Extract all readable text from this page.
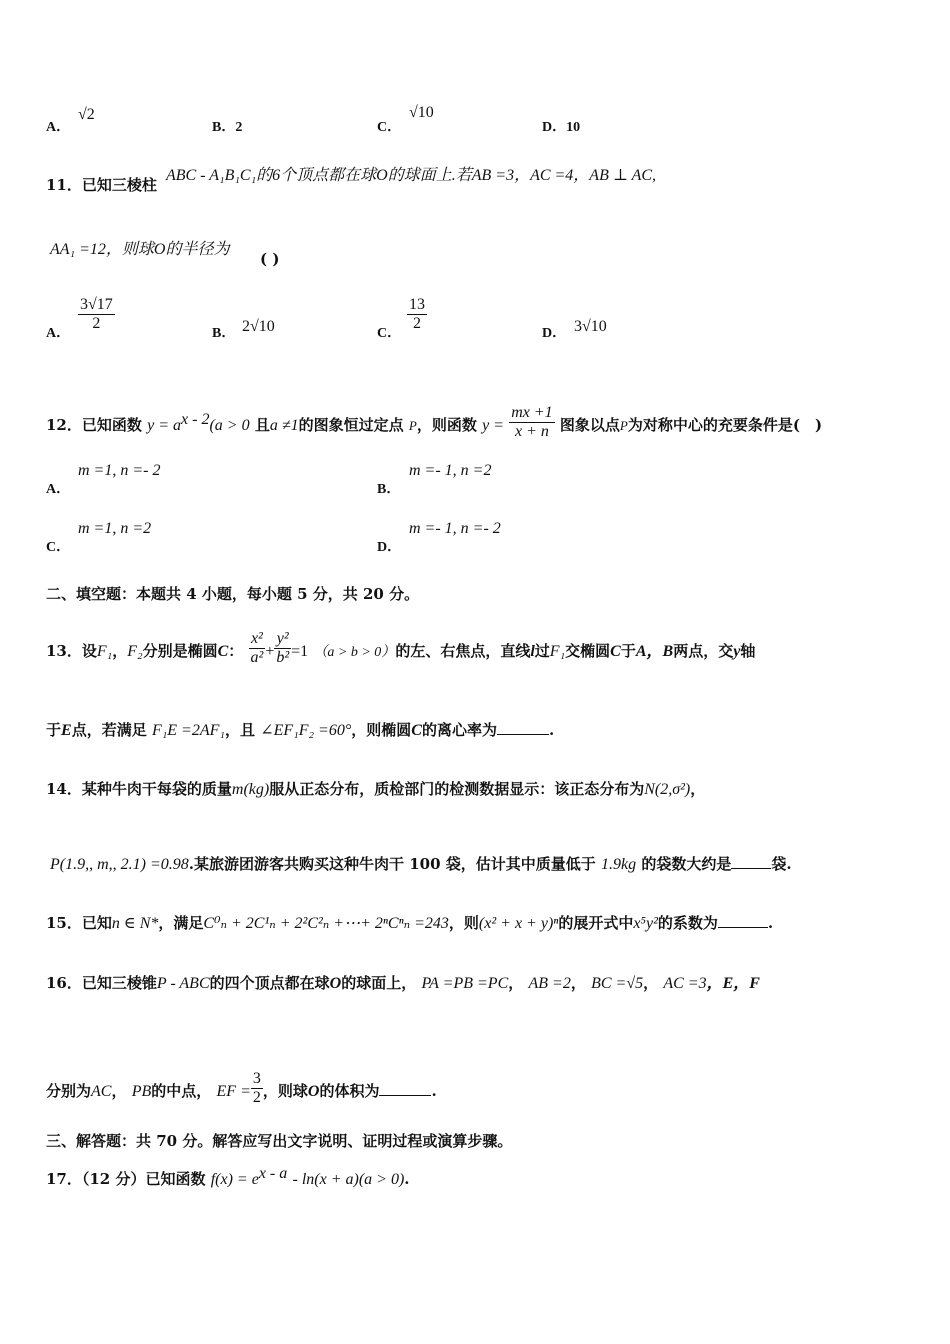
A．
√2
B．2	C．
√10
D．10
11．已知三棱柱
ABC - A₁B₁C₁的6个顶点都在球O的球面上.若AB =3，AC =4，AB ⊥ AC,
AA₁ =12，则球O的半径为
( )
A．
$\frac{3√17}{2}$
B． 2√10	C．
$\frac{13}{2}$
D． 3√10
12．已知函数 $y = a^{x - 2}(a > 0$ 且a ≠1的图象恒过定点 P，则函数 $y = \frac{mx +1}{x + n}$ 图象以点P为对称中心的充要条件是(　)
A．
m =1, n =- 2
B．
m =- 1, n =2
C．
m =1, n =2
D．
m =- 1, n =- 2
二、填空题：本题共 4 小题，每小题 5 分，共 20 分。
13．设F₁，F₂分别是椭圆C： $\frac{\text{x²}}{\text{a²}} + \frac{\text{y²}}{\text{b²}} =1$ （a > b > 0）的左、右焦点，直线l过F₁交椭圆C于A，B两点，交y轴
于E点，若满足 F₁E =2AF₁，且 ∠EF₁F₂ =60°，则椭圆C的离心率为	.
14．某种牛肉干每袋的质量m(kg)服从正态分布，质检部门的检测数据显示：该正态分布为N(2,σ²)，
P(1.9,, m,, 2.1) =0.98.某旅游团游客共购买这种牛肉干 100 袋，估计其中质量低于 1.9kg 的袋数大约是	袋.
15．已知n ∈ N*，满足C⁰ₙ + 2C¹ₙ + 2²C²ₙ +⋯+ 2ⁿCⁿₙ =243，则(x² + x + y)ⁿ的展开式中x⁵y²的系数为	.
16．已知三棱锥P - ABC的四个顶点都在球O的球面上， PA =PB =PC， AB =2， BC =√5， AC =3，E，F
分别为AC， PB的中点， EF = $\frac{3}{2}$ ，则球O的体积为	.
三、解答题：共 70 分。解答应写出文字说明、证明过程或演算步骤。
17．（12 分）已知函数 $f(x) = e^{x - a} - \ln(x + a)(a > 0)$.
